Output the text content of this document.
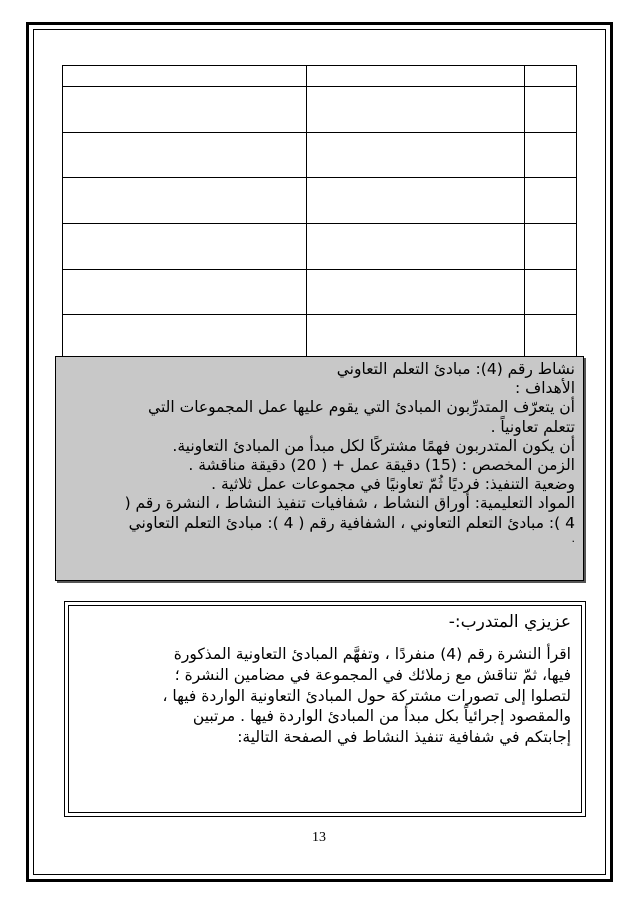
نشاط رقم (4): مبادئ التعلم التعاوني

الأهداف :

أن يتعرّف المتدرِّبون المبادئ التي يقوم عليها عمل المجموعات التي

تتعلم تعاونياً .

أن يكون المتدربون فهمًا مشتركًا لكل مبدأ من المبادئ التعاونية.

الزمن المخصص : (15) دقيقة عمل + ( 20) دقيقة مناقشة .

وضعية التنفيذ: فرديًا ثُمّ تعاونيًا في مجموعات عمل ثلاثية .

المواد التعليمية: أوراق النشاط ، شفافيات تنفيذ النشاط ، النشرة رقم (

4 ): مبادئ التعلم التعاوني ، الشفافية رقم ( 4 ): مبادئ التعلم التعاوني

.

عزيزي المتدرب:-

اقرأ النشرة رقم (4) منفردًا ، وتفهَّم المبادئ التعاونية المذكورة

فيها، ثمّ تناقش مع زملائك في المجموعة في مضامين النشرة ؛

لتصلوا إلى تصورات مشتركة حول المبادئ التعاونية الواردة فيها ،

والمقصود إجرائياً بكل مبدأ من المبادئ الواردة فيها . مرتبين

إجابتكم في شفافية تنفيذ النشاط في الصفحة التالية:

13
